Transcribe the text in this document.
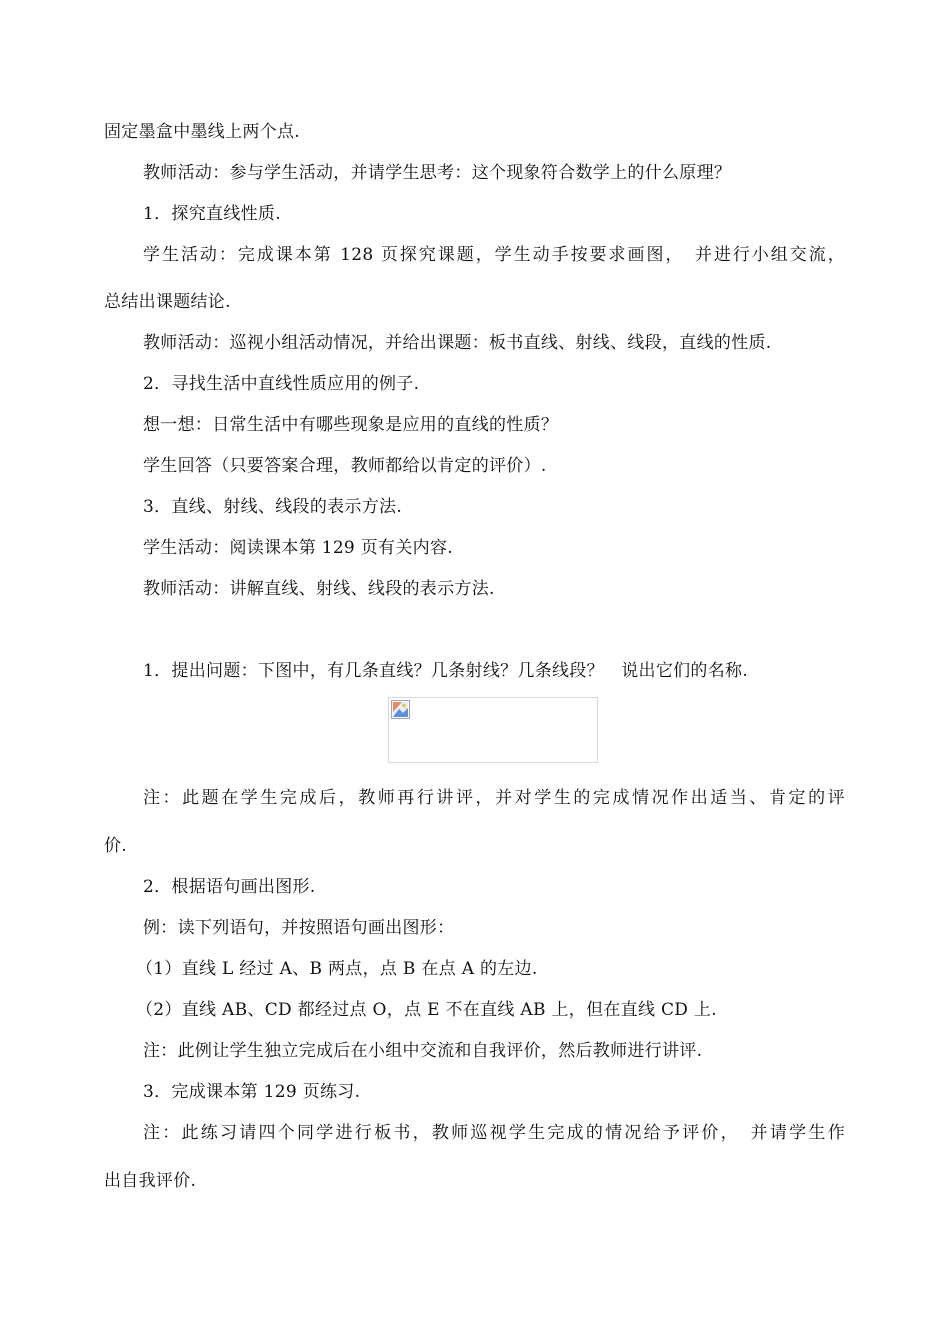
固定墨盒中墨线上两个点.
教师活动：参与学生活动，并请学生思考：这个现象符合数学上的什么原理？
1．探究直线性质.
学生活动：完成课本第 128 页探究课题，学生动手按要求画图，　并进行小组交流，
总结出课题结论.
教师活动：巡视小组活动情况，并给出课题：板书直线、射线、线段，直线的性质.
2．寻找生活中直线性质应用的例子.
想一想：日常生活中有哪些现象是应用的直线的性质？
学生回答（只要答案合理，教师都给以肯定的评价）.
3．直线、射线、线段的表示方法.
学生活动：阅读课本第 129 页有关内容.
教师活动：讲解直线、射线、线段的表示方法.
1．提出问题：下图中，有几条直线？几条射线？几条线段？　说出它们的名称.
注：此题在学生完成后，教师再行讲评，并对学生的完成情况作出适当、肯定的评
价.
2．根据语句画出图形.
例：读下列语句，并按照语句画出图形：
（1）直线 L 经过 A、B 两点，点 B 在点 A 的左边.
（2）直线 AB、CD 都经过点 O，点 E 不在直线 AB 上，但在直线 CD 上.
注：此例让学生独立完成后在小组中交流和自我评价，然后教师进行讲评.
3．完成课本第 129 页练习.
注：此练习请四个同学进行板书，教师巡视学生完成的情况给予评价，　并请学生作
出自我评价.
